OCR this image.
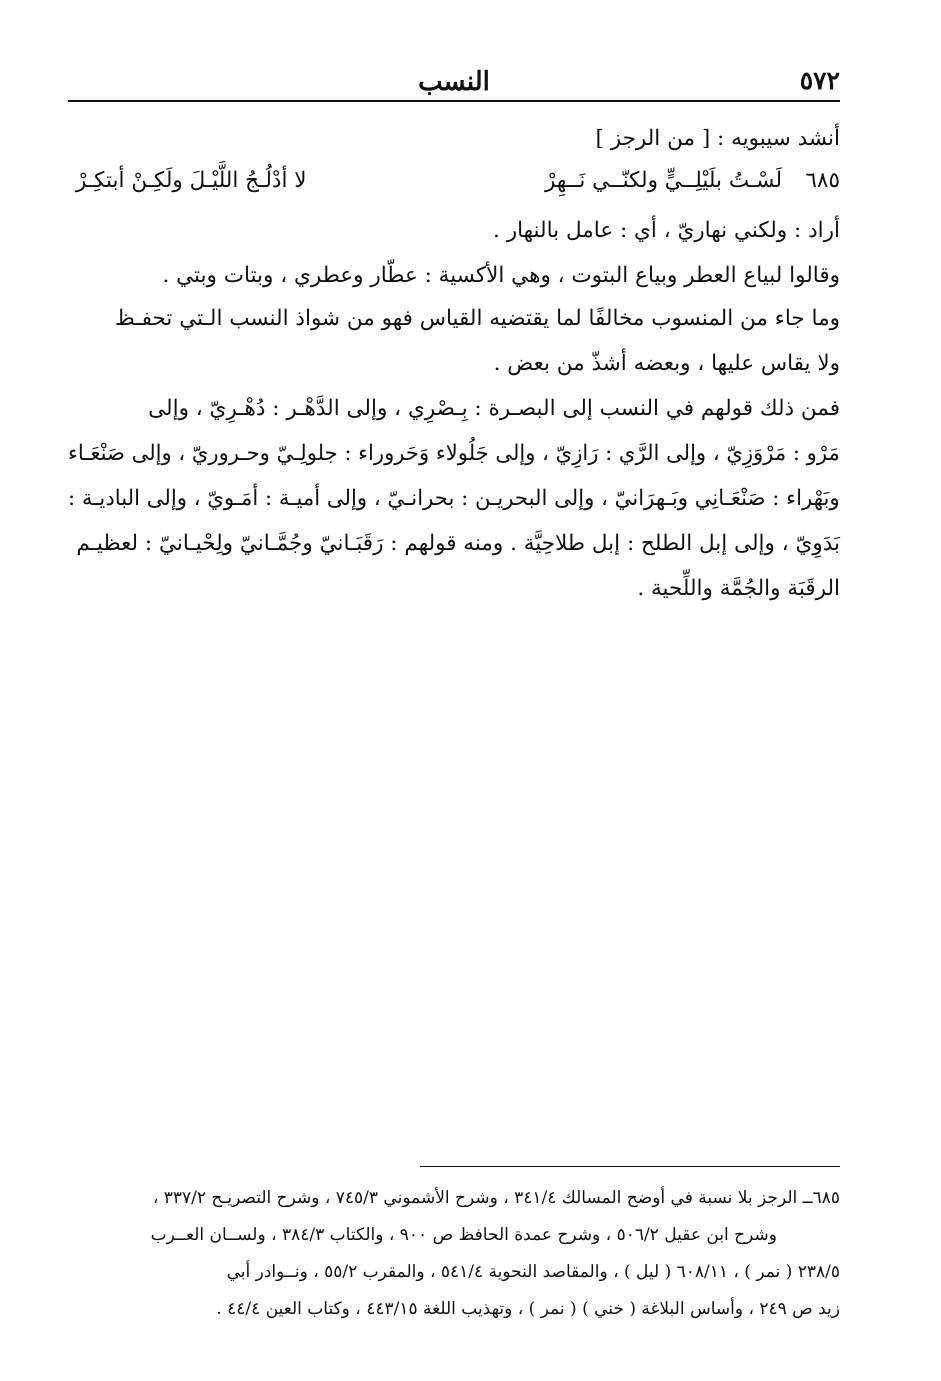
النسب	٥٧٢
أنشد سيبويه : [ من الرجز ]
٦٨٥
لَسْـتُ بلَيْلِــيٍّ ولكنّــي نَــهِرْ
لا أدْلُـجُ اللَّيْـلَ ولَكِـنْ أبتكِـرْ
أراد : ولكني نهاريّ ، أي : عامل بالنهار .
وقالوا لبياع العطر وبياع البتوت ، وهي الأكسية : عطّار وعطري ، وبتات وبتي .
وما جاء من المنسوب مخالفًا لما يقتضيه القياس فهو من شواذ النسب الـتي تحفـظ
ولا يقاس عليها ، وبعضه أشذّ من بعض .
فمن ذلك قولهم في النسب إلى البصـرة : بِـصْرِي ، وإلى الدَّهْـر : دُهْـرِيّ ، وإلى
مَرْو : مَرْوَزِيّ ، وإلى الرَّي : رَازِيّ ، وإلى جَلُولاء وَحَروراء : جلولِـيّ وحـروريّ ، وإلى صَنْعَـاء
وبَهْراء : صَنْعَـانِي وبَـهرَانيّ ، وإلى البحريـن : بحرانـيّ ، وإلى أميـة : أمَـويّ ، وإلى الباديـة :
بَدَوِيّ ، وإلى إبل الطلح : إبل طلاحِيَّة . ومنه قولهم : رَقَبَـانيّ وجُمَّـانيّ ولِحْيـانيّ : لعظيـم
الرقَبَة والجُمَّة واللِّحية .
٦٨٥ــ الرجز بلا نسبة في أوضح المسالك ٣٤١/٤ ، وشرح الأشموني ٧٤٥/٣ ، وشرح التصريـح ٣٣٧/٢ ،
وشرح ابن عقيل ٥٠٦/٢ ، وشرح عمدة الحافظ ص ٩٠٠ ، والكتاب ٣٨٤/٣ ، ولســان العــرب
٢٣٨/٥ ( نمر ) ، ٦٠٨/١١ ( ليل ) ، والمقاصد النحوية ٥٤١/٤ ، والمقرب ٥٥/٢ ، ونــوادر أبي
زيد ص ٢٤٩ ، وأساس البلاغة ( خني ) ( نمر ) ، وتهذيب اللغة ٤٤٣/١٥ ، وكتاب العين ٤٤/٤ .
